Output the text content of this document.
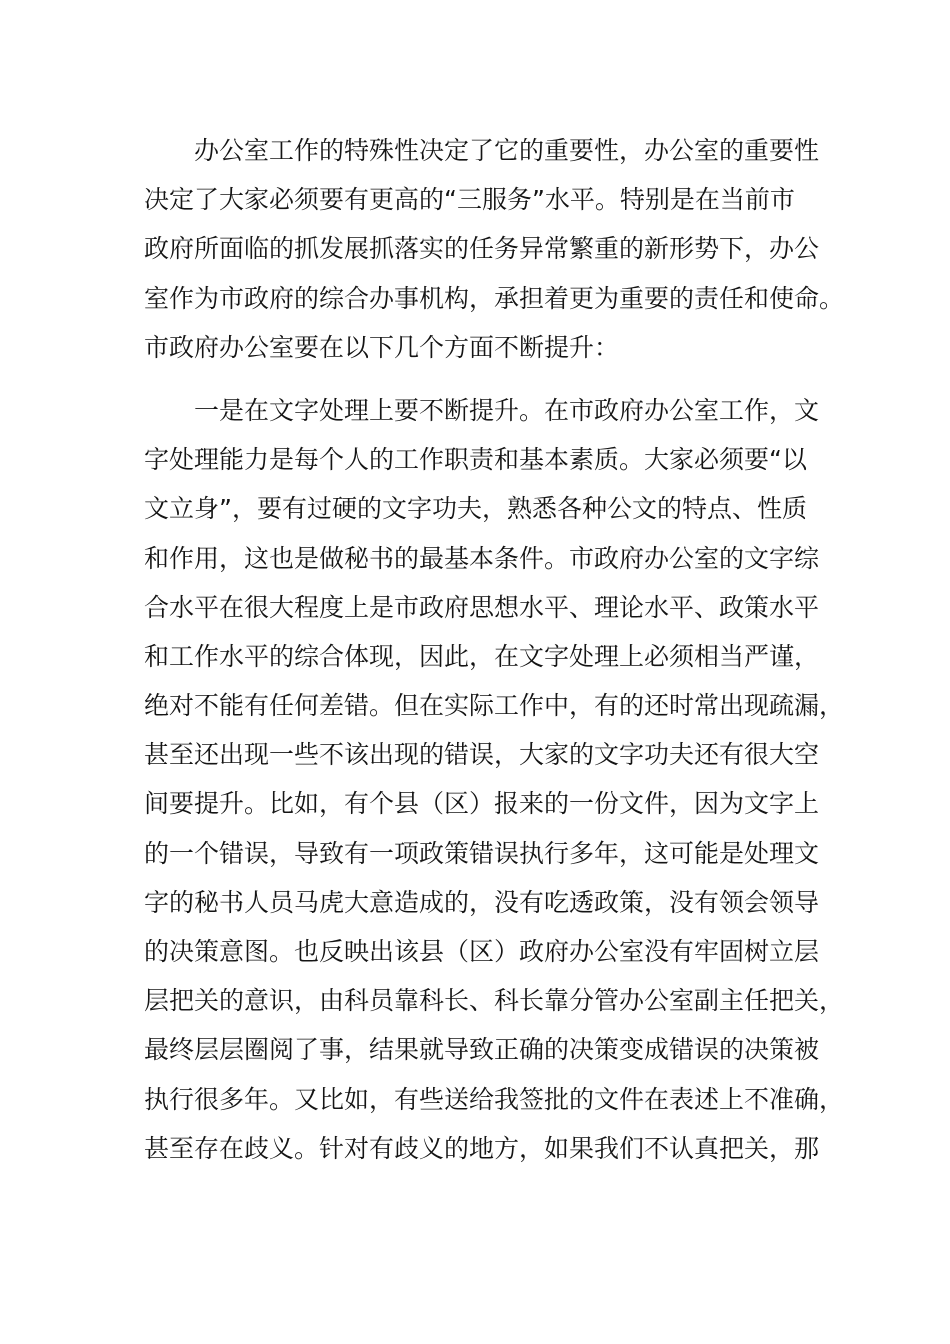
办公室工作的特殊性决定了它的重要性，办公室的重要性
决定了大家必须要有更高的“三服务”水平。特别是在当前市
政府所面临的抓发展抓落实的任务异常繁重的新形势下，办公
室作为市政府的综合办事机构，承担着更为重要的责任和使命。
市政府办公室要在以下几个方面不断提升：
一是在文字处理上要不断提升。在市政府办公室工作，文
字处理能力是每个人的工作职责和基本素质。大家必须要“以
文立身”，要有过硬的文字功夫，熟悉各种公文的特点、性质
和作用，这也是做秘书的最基本条件。市政府办公室的文字综
合水平在很大程度上是市政府思想水平、理论水平、政策水平
和工作水平的综合体现，因此，在文字处理上必须相当严谨，
绝对不能有任何差错。但在实际工作中，有的还时常出现疏漏，
甚至还出现一些不该出现的错误，大家的文字功夫还有很大空
间要提升。比如，有个县（区）报来的一份文件，因为文字上
的一个错误，导致有一项政策错误执行多年，这可能是处理文
字的秘书人员马虎大意造成的，没有吃透政策，没有领会领导
的决策意图。也反映出该县（区）政府办公室没有牢固树立层
层把关的意识，由科员靠科长、科长靠分管办公室副主任把关，
最终层层圈阅了事，结果就导致正确的决策变成错误的决策被
执行很多年。又比如，有些送给我签批的文件在表述上不准确，
甚至存在歧义。针对有歧义的地方，如果我们不认真把关，那
